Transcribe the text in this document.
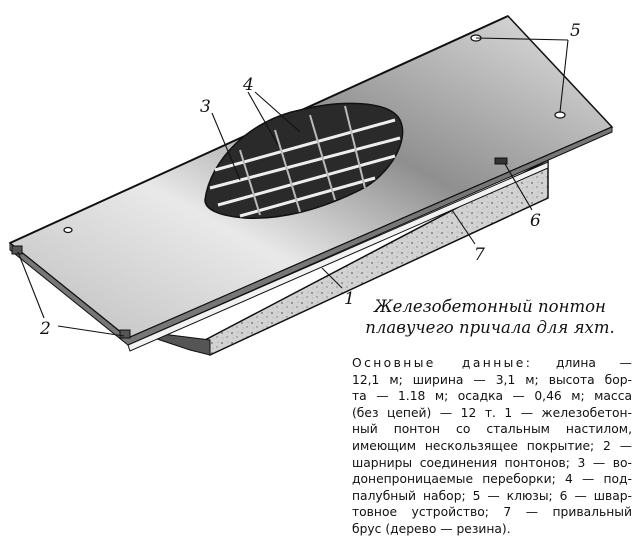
1
2
3
4
5
6
7
Железобетонный понтон
плавучего причала для яхт.
Основные данные: длина —
12,1 м; ширина — 3,1 м; высота бор-
та — 1.18 м; осадка — 0,46 м; масса
(без цепей) — 12 т. 1 — железобетон-
ный понтон со стальным настилом,
имеющим нескользящее покрытие; 2 —
шарниры соединения понтонов; 3 — во-
донепроницаемые переборки; 4 — под-
палубный набор; 5 — клюзы; 6 — швар-
товное устройство; 7 — привальный
брус (дерево — резина).
